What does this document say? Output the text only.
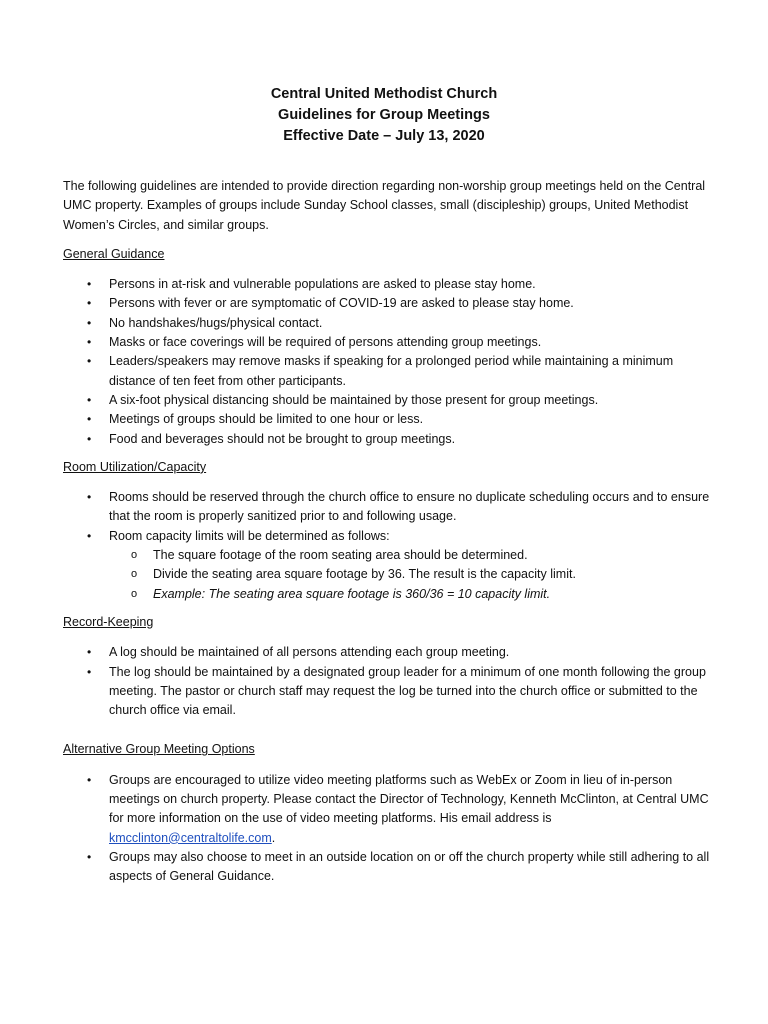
Central United Methodist Church
Guidelines for Group Meetings
Effective Date – July 13, 2020

The following guidelines are intended to provide direction regarding non-worship group meetings held on the Central UMC property. Examples of groups include Sunday School classes, small (discipleship) groups, United Methodist Women’s Circles, and similar groups.

General Guidance
• Persons in at-risk and vulnerable populations are asked to please stay home.
• Persons with fever or are symptomatic of COVID-19 are asked to please stay home.
• No handshakes/hugs/physical contact.
• Masks or face coverings will be required of persons attending group meetings.
• Leaders/speakers may remove masks if speaking for a prolonged period while maintaining a minimum distance of ten feet from other participants.
• A six-foot physical distancing should be maintained by those present for group meetings.
• Meetings of groups should be limited to one hour or less.
• Food and beverages should not be brought to group meetings.
Room Utilization/Capacity
• Rooms should be reserved through the church office to ensure no duplicate scheduling occurs and to ensure that the room is properly sanitized prior to and following usage.
• Room capacity limits will be determined as follows:
o The square footage of the room seating area should be determined.
o Divide the seating area square footage by 36. The result is the capacity limit.
o Example: The seating area square footage is 360/36 = 10 capacity limit.
Record-Keeping
• A log should be maintained of all persons attending each group meeting.
• The log should be maintained by a designated group leader for a minimum of one month following the group meeting. The pastor or church staff may request the log be turned into the church office or submitted to the church office via email.
Alternative Group Meeting Options
• Groups are encouraged to utilize video meeting platforms such as WebEx or Zoom in lieu of in-person meetings on church property. Please contact the Director of Technology, Kenneth McClinton, at Central UMC for more information on the use of video meeting platforms. His email address is kmcclinton@centraltolife.com.
• Groups may also choose to meet in an outside location on or off the church property while still adhering to all aspects of General Guidance.
